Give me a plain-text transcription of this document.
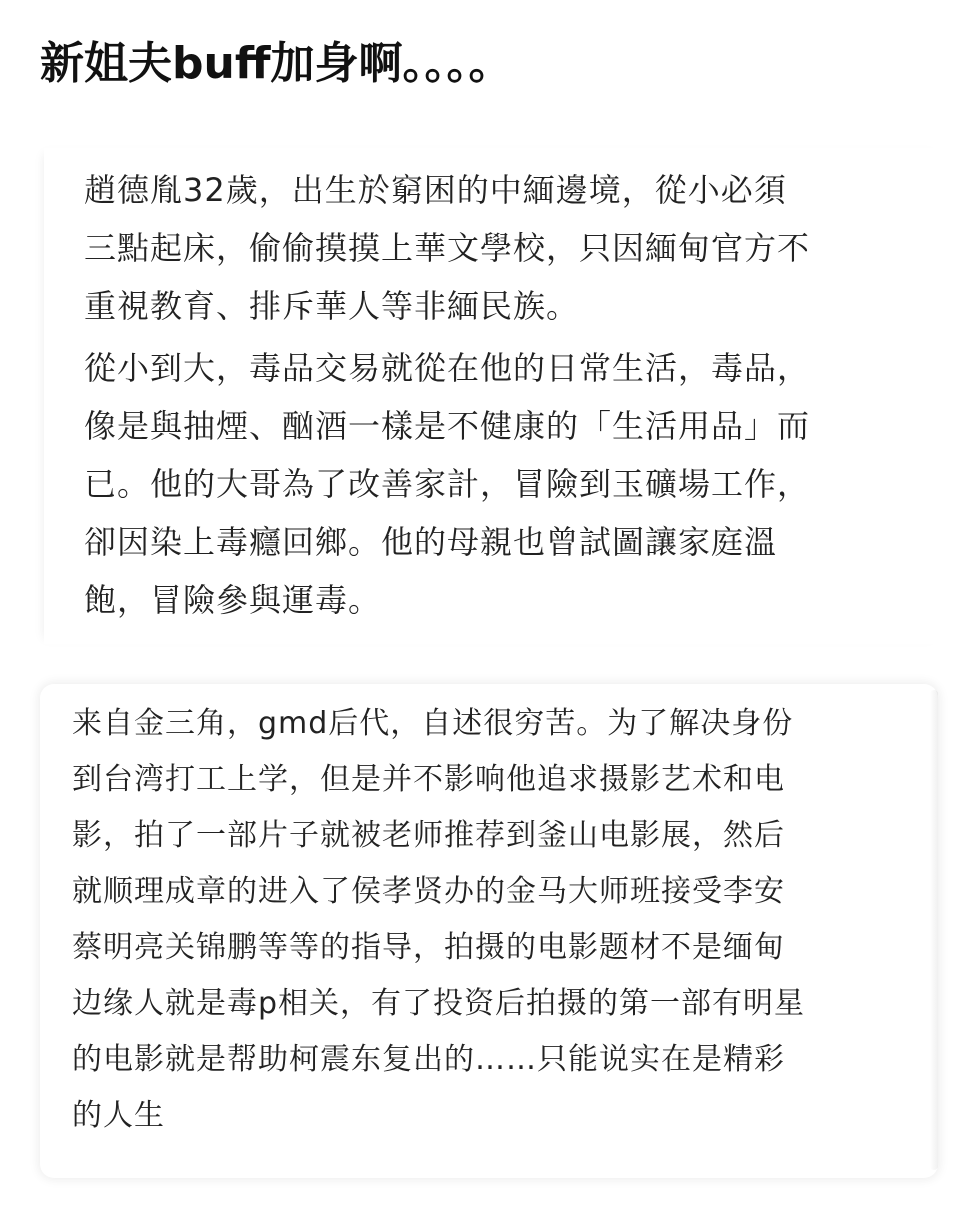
新姐夫buff加身啊。。。。
趙德胤32歲，出生於窮困的中緬邊境，從小必須
三點起床，偷偷摸摸上華文學校，只因緬甸官方不
重視教育、排斥華人等非緬民族。
從小到大，毒品交易就從在他的日常生活，毒品，
像是與抽煙、酗酒一樣是不健康的「生活用品」而
已。他的大哥為了改善家計，冒險到玉礦場工作，
卻因染上毒癮回鄉。他的母親也曾試圖讓家庭溫
飽，冒險參與運毒。
来自金三角，gmd后代，自述很穷苦。为了解决身份
到台湾打工上学，但是并不影响他追求摄影艺术和电
影，拍了一部片子就被老师推荐到釜山电影展，然后
就顺理成章的进入了侯孝贤办的金马大师班接受李安
蔡明亮关锦鹏等等的指导，拍摄的电影题材不是缅甸
边缘人就是毒p相关，有了投资后拍摄的第一部有明星
的电影就是帮助柯震东复出的……只能说实在是精彩
的人生
